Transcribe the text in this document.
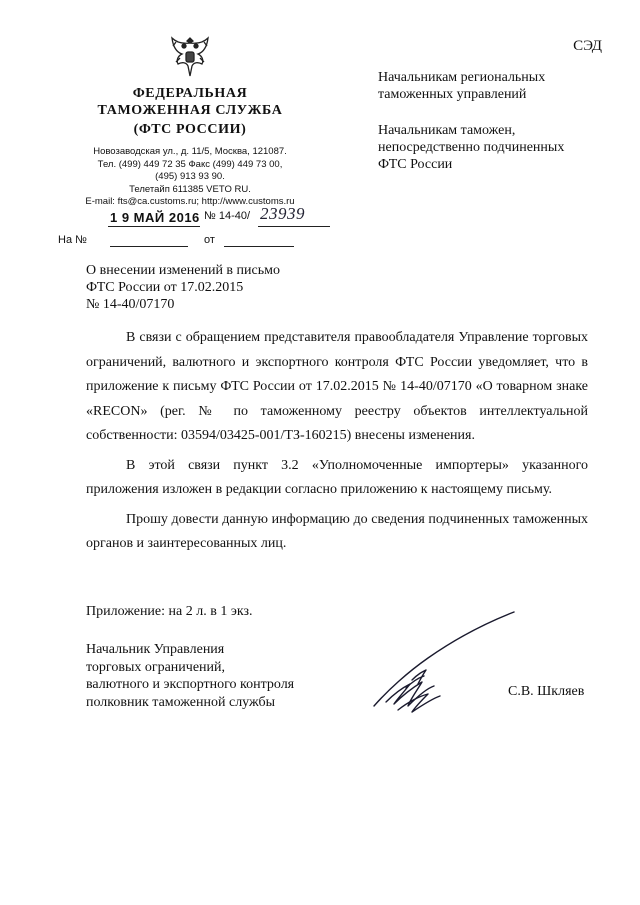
СЭД
ФЕДЕРАЛЬНАЯ
ТАМОЖЕННАЯ СЛУЖБА
(ФТС РОССИИ)
Новозаводская ул., д. 11/5, Москва, 121087.
Тел. (499) 449 72 35 Факс (499) 449 73 00,
(495) 913 93 90.
Телетайп 611385 VETO RU.
E-mail: fts@ca.customs.ru; http://www.customs.ru
1 9 МАЙ 2016 № 14-40/ 23939
На №	от
Начальникам региональных
таможенных управлений
Начальникам таможен,
непосредственно подчиненных
ФТС России
О внесении изменений в письмо
ФТС России от 17.02.2015
№ 14-40/07170

В связи с обращением представителя правообладателя Управление торговых ограничений, валютного и экспортного контроля ФТС России уведомляет, что в приложение к письму ФТС России от 17.02.2015 № 14-40/07170 «О товарном знаке «RECON» (рег. № по таможенному реестру объектов интеллектуальной собственности: 03594/03425-001/ТЗ-160215) внесены изменения.

В этой связи пункт 3.2 «Уполномоченные импортеры» указанного приложения изложен в редакции согласно приложению к настоящему письму.

Прошу довести данную информацию до сведения подчиненных таможенных органов и заинтересованных лиц.

Приложение: на 2 л. в 1 экз.
Начальник Управления
торговых ограничений,
валютного и экспортного контроля
полковник таможенной службы
С.В. Шкляев
